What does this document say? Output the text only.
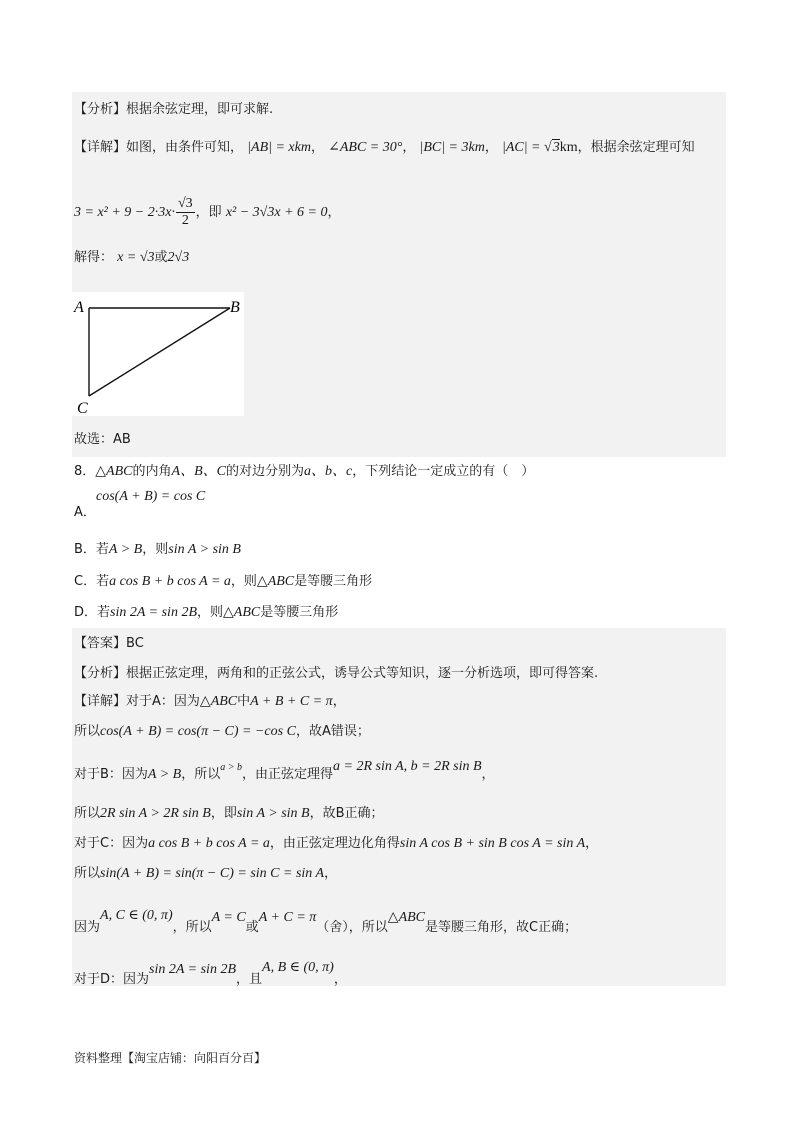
【分析】根据余弦定理，即可求解.
【详解】如图，由条件可知， |AB| = xkm， ∠ABC = 30°， |BC| = 3km， |AC| = √3km，根据余弦定理可知
$3 = x^2 + 9 - 2\cdot 3x\cdot \frac{√3}{2}$ ，即 x² − 3√3x + 6 = 0，
解得： x = √3或2√3
A	B
C
故选：AB
8．△ABC的内角A、B、C的对边分别为a、b、c，下列结论一定成立的有（　）
cos(A + B) = cos C
A．
B．若A > B，则sin A > sin B
C．若a cos B + b cos A = a，则△ABC是等腰三角形
D．若sin 2A = sin 2B，则△ABC是等腰三角形
【答案】BC
【分析】根据正弦定理，两角和的正弦公式，诱导公式等知识，逐一分析选项，即可得答案.
【详解】对于A：因为△ABC中A + B + C = π，
所以cos(A + B) = cos(π − C) = −cos C，故A错误；
对于B：因为A > B，所以$^{a > b}$，由正弦定理得a = 2R sin A, b = 2R sin B，
所以2R sin A > 2R sin B，即sin A > sin B，故B正确；
对于C：因为a cos B + b cos A = a，由正弦定理边化角得sin A cos B + sin B cos A = sin A，
所以sin(A + B) = sin(π − C) = sin C = sin A，
因为A, C ∈ (0, π)，所以A = C或A + C = π（舍），所以△ABC是等腰三角形，故C正确；
对于D：因为sin 2A = sin 2B，且A, B ∈ (0, π)，
资料整理【淘宝店铺：向阳百分百】
